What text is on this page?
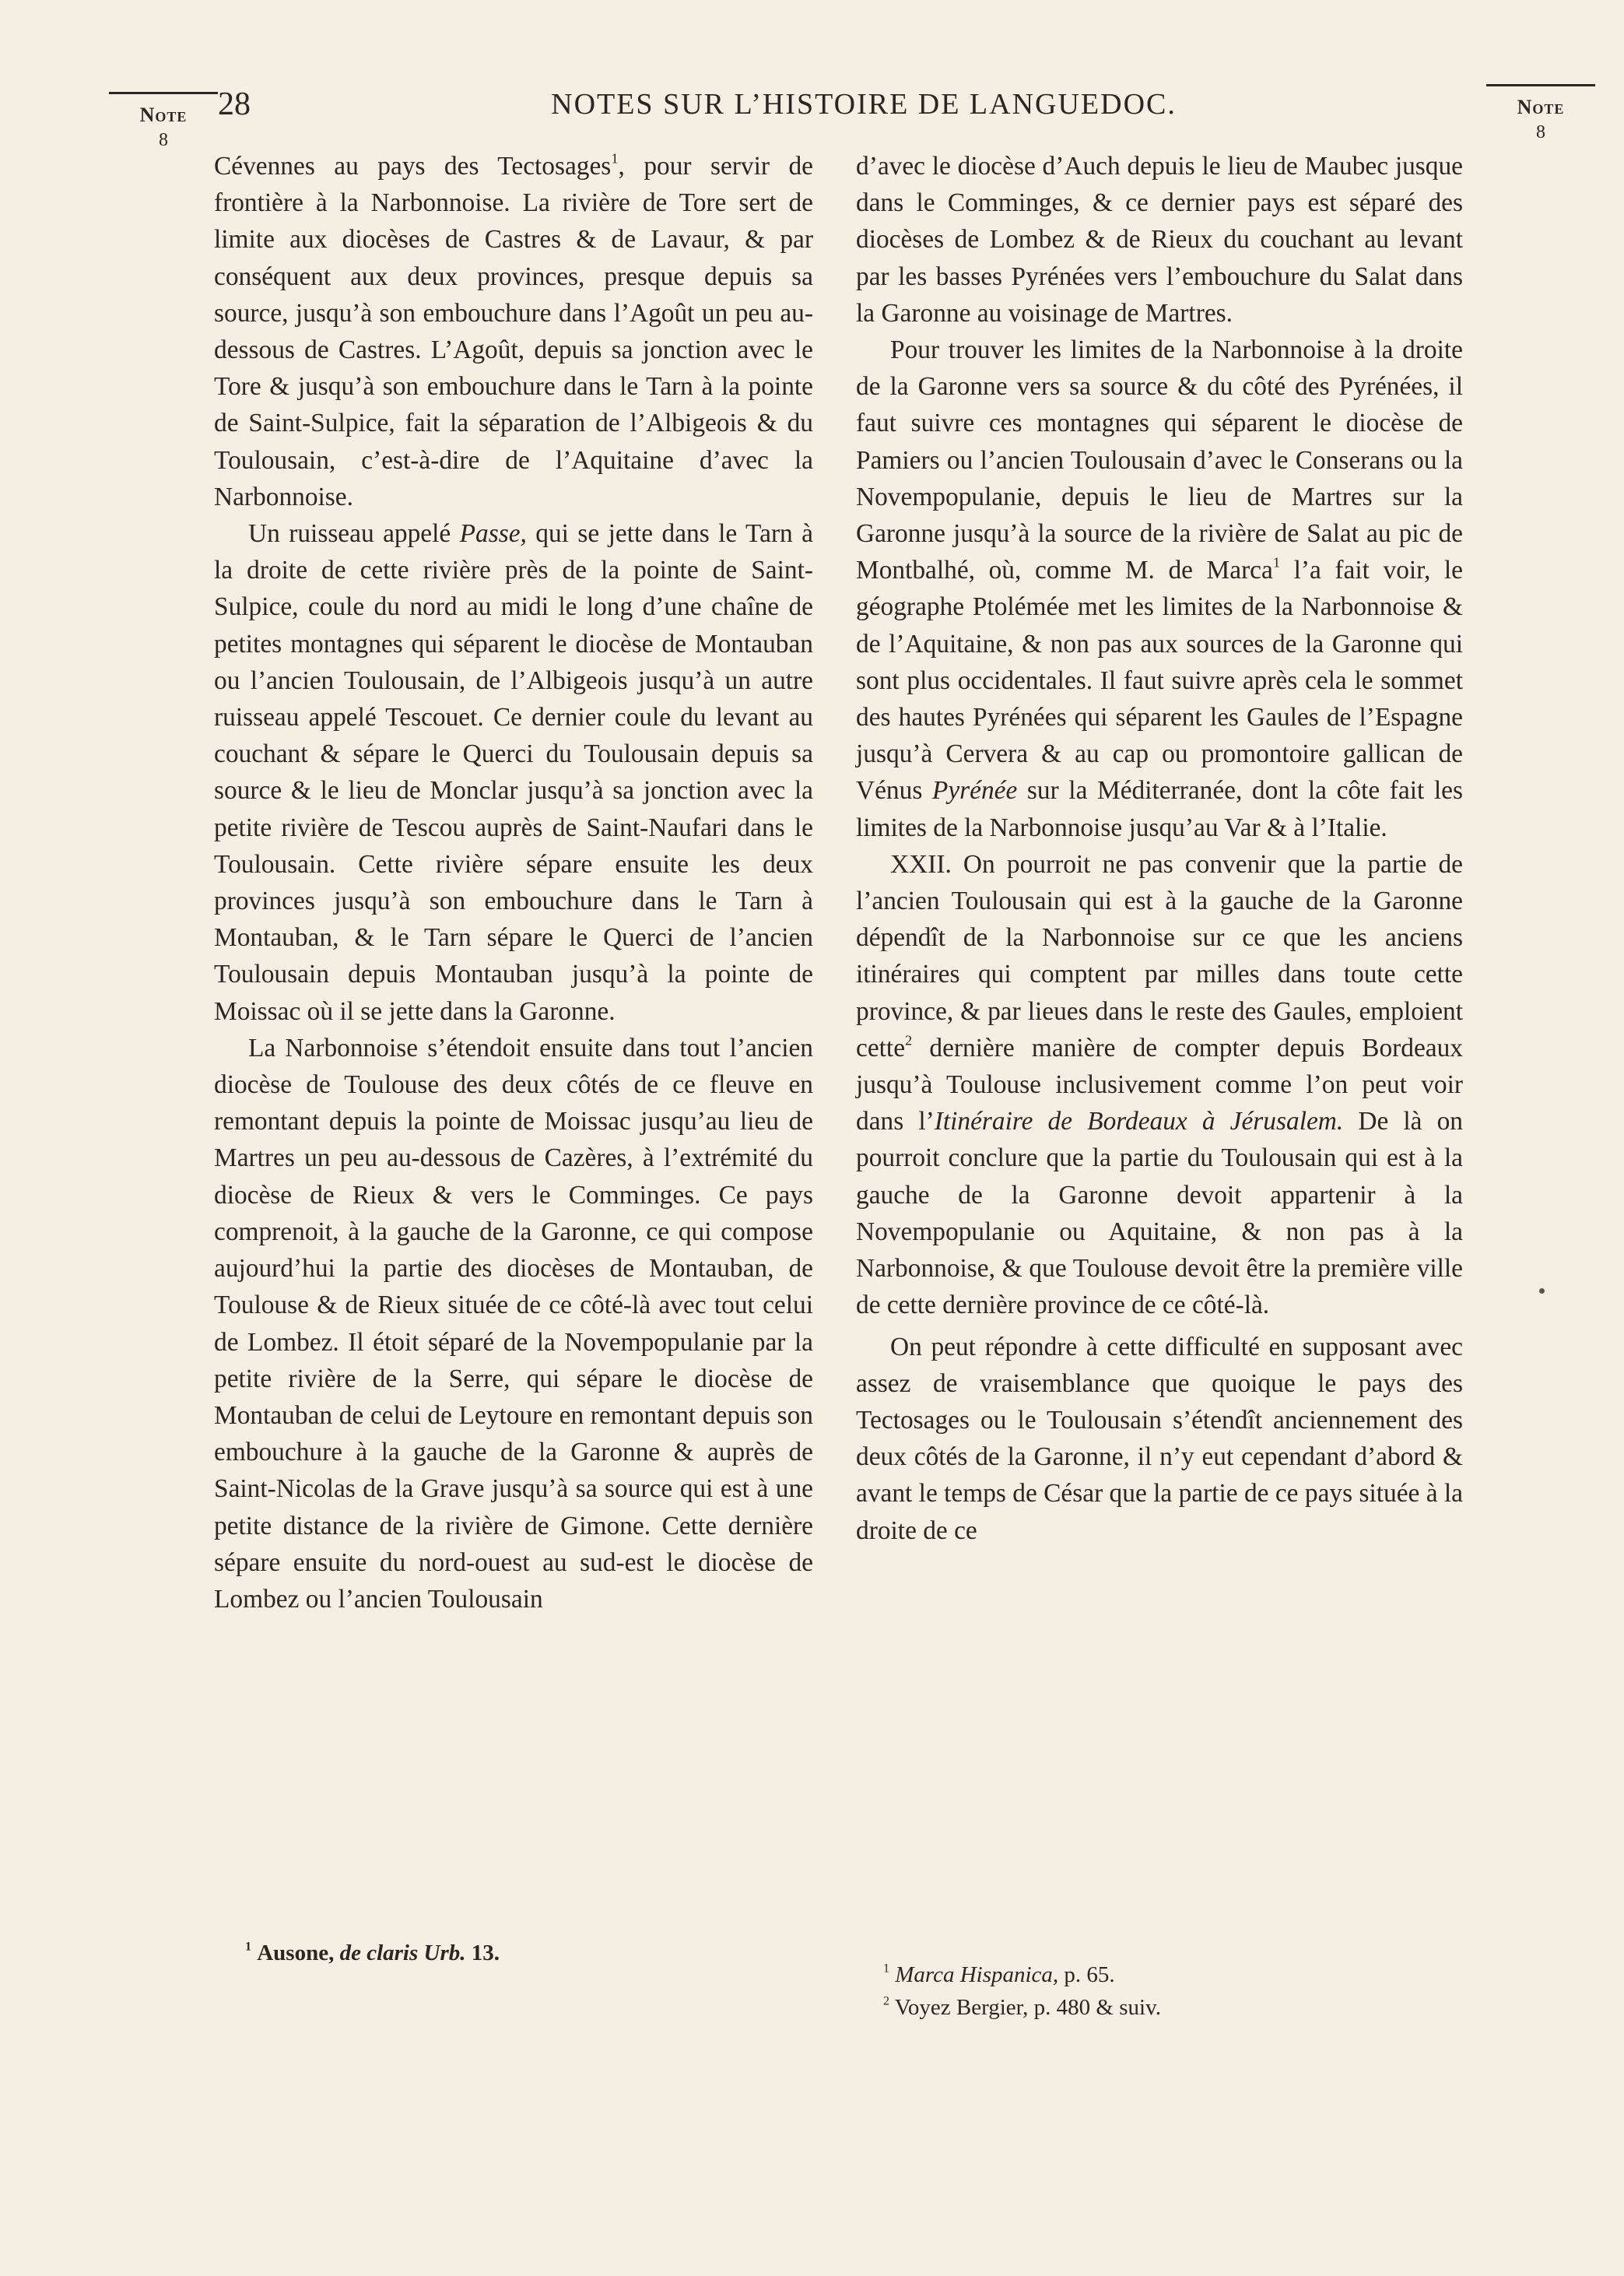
Note
8
Note
8
28	NOTES SUR L’HISTOIRE DE LANGUEDOC.

Cévennes au pays des Tectosages$^1$, pour servir de frontière à la Narbonnoise. La rivière de Tore sert de limite aux diocèses de Castres & de Lavaur, & par conséquent aux deux provinces, presque depuis sa source, jusqu’à son embouchure dans l’Agoût un peu au-dessous de Castres. L’Agoût, depuis sa jonction avec le Tore & jusqu’à son embouchure dans le Tarn à la pointe de Saint-Sulpice, fait la séparation de l’Albigeois & du Toulousain, c’est-à-dire de l’Aquitaine d’avec la Narbonnoise.

Un ruisseau appelé Passe, qui se jette dans le Tarn à la droite de cette rivière près de la pointe de Saint-Sulpice, coule du nord au midi le long d’une chaîne de petites montagnes qui séparent le diocèse de Montauban ou l’ancien Toulousain, de l’Albigeois jusqu’à un autre ruisseau appelé Tescouet. Ce dernier coule du levant au couchant & sépare le Querci du Toulousain depuis sa source & le lieu de Monclar jusqu’à sa jonction avec la petite rivière de Tescou auprès de Saint-Naufari dans le Toulousain. Cette rivière sépare ensuite les deux provinces jusqu’à son embouchure dans le Tarn à Montauban, & le Tarn sépare le Querci de l’ancien Toulousain depuis Montauban jusqu’à la pointe de Moissac où il se jette dans la Garonne.

La Narbonnoise s’étendoit ensuite dans tout l’ancien diocèse de Toulouse des deux côtés de ce fleuve en remontant depuis la pointe de Moissac jusqu’au lieu de Martres un peu au-dessous de Cazères, à l’extrémité du diocèse de Rieux & vers le Comminges. Ce pays comprenoit, à la gauche de la Garonne, ce qui compose aujourd’hui la partie des diocèses de Montauban, de Toulouse & de Rieux située de ce côté-là avec tout celui de Lombez. Il étoit séparé de la Novempopulanie par la petite rivière de la Serre, qui sépare le diocèse de Montauban de celui de Leytoure en remontant depuis son embouchure à la gauche de la Garonne & auprès de Saint-Nicolas de la Grave jusqu’à sa source qui est à une petite distance de la rivière de Gimone. Cette dernière sépare ensuite du nord-ouest au sud-est le diocèse de Lombez ou l’ancien Toulousain

d’avec le diocèse d’Auch depuis le lieu de Maubec jusque dans le Comminges, & ce dernier pays est séparé des diocèses de Lombez & de Rieux du couchant au levant par les basses Pyrénées vers l’embouchure du Salat dans la Garonne au voisinage de Martres.

Pour trouver les limites de la Narbonnoise à la droite de la Garonne vers sa source & du côté des Pyrénées, il faut suivre ces montagnes qui séparent le diocèse de Pamiers ou l’ancien Toulousain d’avec le Conserans ou la Novempopulanie, depuis le lieu de Martres sur la Garonne jusqu’à la source de la rivière de Salat au pic de Montbalhé, où, comme M. de Marca$^1$ l’a fait voir, le géographe Ptolémée met les limites de la Narbonnoise & de l’Aquitaine, & non pas aux sources de la Garonne qui sont plus occidentales. Il faut suivre après cela le sommet des hautes Pyrénées qui séparent les Gaules de l’Espagne jusqu’à Cervera & au cap ou promontoire gallican de Vénus Pyrénée sur la Méditerranée, dont la côte fait les limites de la Narbonnoise jusqu’au Var & à l’Italie.

XXII. On pourroit ne pas convenir que la partie de l’ancien Toulousain qui est à la gauche de la Garonne dépendît de la Narbonnoise sur ce que les anciens itinéraires qui comptent par milles dans toute cette province, & par lieues dans le reste des Gaules, emploient cette$^2$ dernière manière de compter depuis Bordeaux jusqu’à Toulouse inclusivement comme l’on peut voir dans l’Itinéraire de Bordeaux à Jérusalem. De là on pourroit conclure que la partie du Toulousain qui est à la gauche de la Garonne devoit appartenir à la Novempopulanie ou Aquitaine, & non pas à la Narbonnoise, & que Toulouse devoit être la première ville de cette dernière province de ce côté-là.

On peut répondre à cette difficulté en supposant avec assez de vraisemblance que quoique le pays des Tectosages ou le Toulousain s’étendît anciennement des deux côtés de la Garonne, il n’y eut cependant d’abord & avant le temps de César que la partie de ce pays située à la droite de ce

$^1$ Ausone, de claris Urb. 13.

$^1$ Marca Hispanica, p. 65.

$^2$ Voyez Bergier, p. 480 & suiv.
